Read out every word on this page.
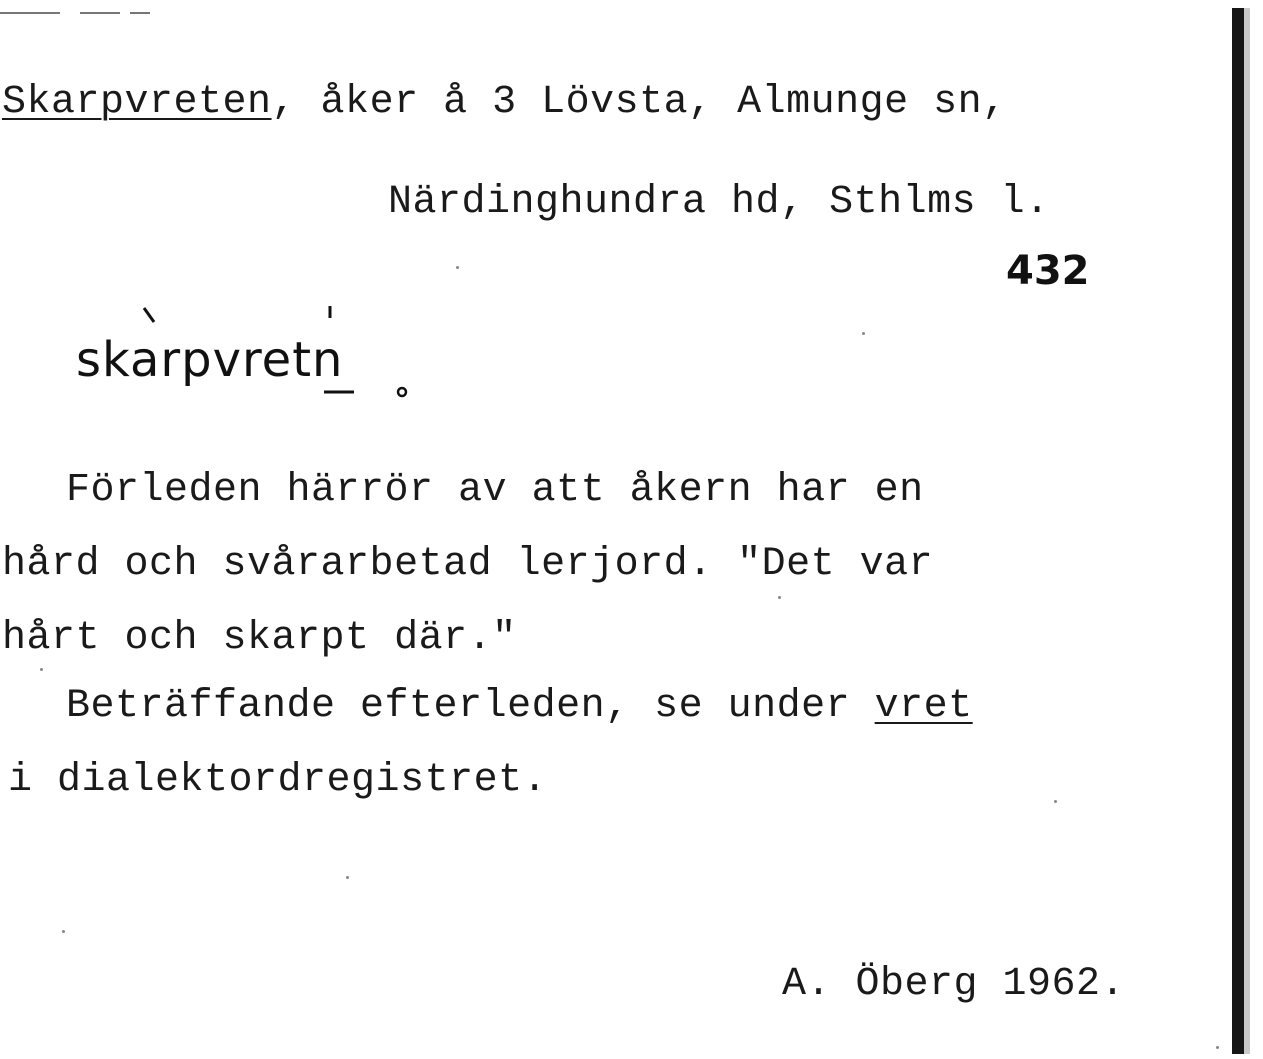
Skarpvreten, åker å 3 Lövsta, Almunge sn,
Närdinghundra hd, Sthlms l.
432
skarpvretn
Förleden härrör av att åkern har en
hård och svårarbetad lerjord. "Det var
hårt och skarpt där."
Beträffande efterleden, se under vret
i dialektordregistret.
A. Öberg 1962.
